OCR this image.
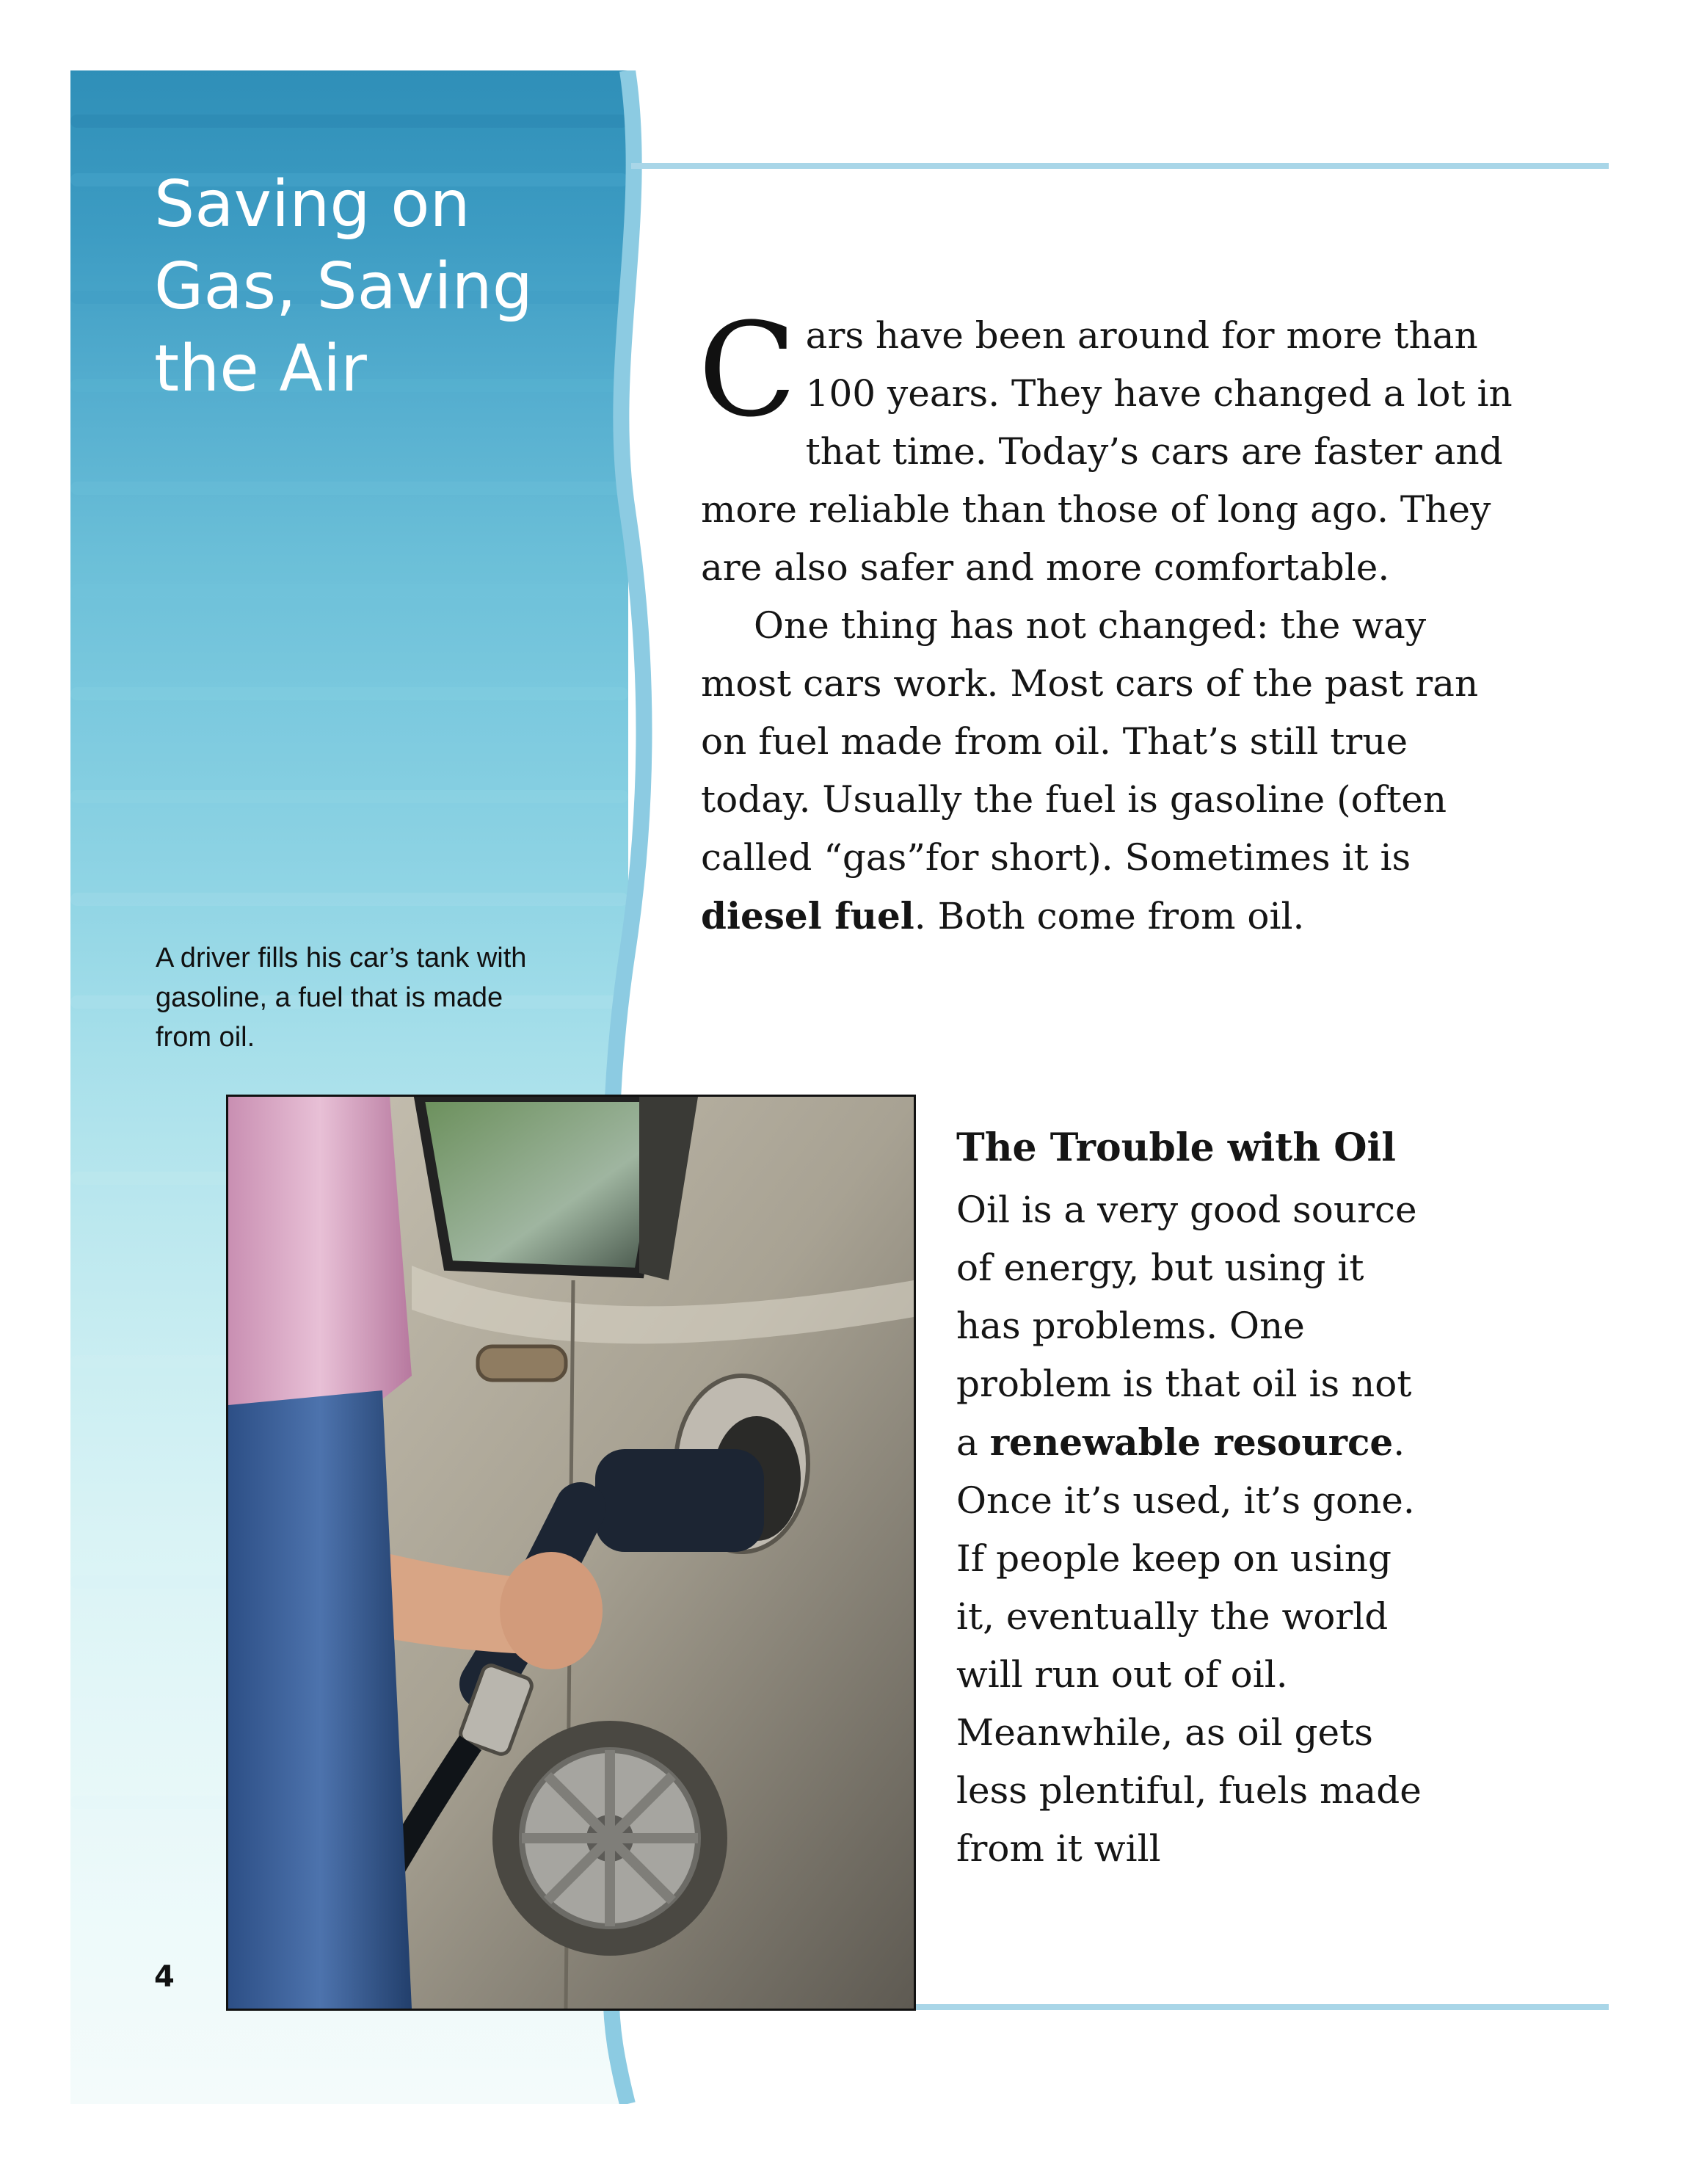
Saving on Gas, Saving the Air

A driver fills his car’s tank with gasoline, a fuel that is made from oil.

Cars have been around for more than 100 years. They have changed a lot in that time. Today’s cars are faster and more reliable than those of long ago. They are also safer and more comfortable.

One thing has not changed: the way most cars work. Most cars of the past ran on fuel made from oil. That’s still true today. Usually the fuel is gasoline (often called “gas”for short). Sometimes it is diesel fuel. Both come from oil.

The Trouble with Oil

Oil is a very good source of energy, but using it has problems. One problem is that oil is not a renewable resource. Once it’s used, it’s gone. If people keep on using it, eventually the world will run out of oil. Meanwhile, as oil gets less plentiful, fuels made from it will

4
